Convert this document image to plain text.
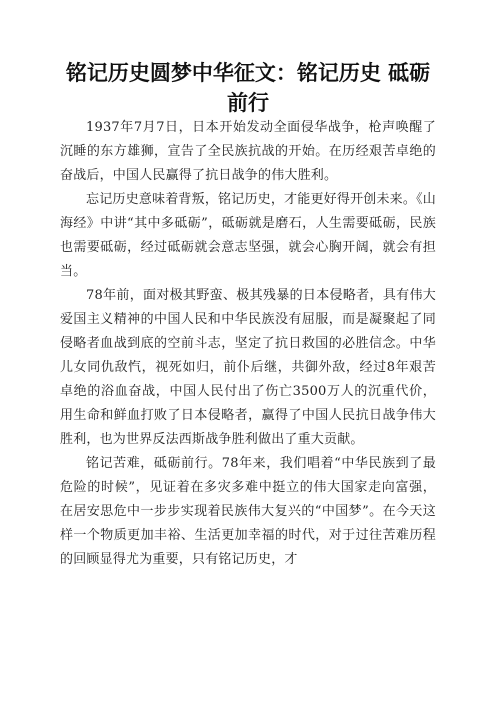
铭记历史圆梦中华征文：铭记历史 砥砺前行

1937年7月7日，日本开始发动全面侵华战争，枪声唤醒了沉睡的东方雄狮，宣告了全民族抗战的开始。在历经艰苦卓绝的奋战后，中国人民赢得了抗日战争的伟大胜利。

忘记历史意味着背叛，铭记历史，才能更好得开创未来。《山海经》中讲“其中多砥砺”，砥砺就是磨石，人生需要砥砺，民族也需要砥砺，经过砥砺就会意志坚强，就会心胸开阔，就会有担当。

78年前，面对极其野蛮、极其残暴的日本侵略者，具有伟大爱国主义精神的中国人民和中华民族没有屈服，而是凝聚起了同侵略者血战到底的空前斗志，坚定了抗日救国的必胜信念。中华儿女同仇敌忾，视死如归，前仆后继，共御外敌，经过8年艰苦卓绝的浴血奋战，中国人民付出了伤亡3500万人的沉重代价，用生命和鲜血打败了日本侵略者，赢得了中国人民抗日战争伟大胜利，也为世界反法西斯战争胜利做出了重大贡献。

铭记苦难，砥砺前行。78年来，我们唱着“中华民族到了最危险的时候”，见证着在多灾多难中挺立的伟大国家走向富强，在居安思危中一步步实现着民族伟大复兴的“中国梦”。在今天这样一个物质更加丰裕、生活更加幸福的时代，对于过往苦难历程的回顾显得尤为重要，只有铭记历史，才
